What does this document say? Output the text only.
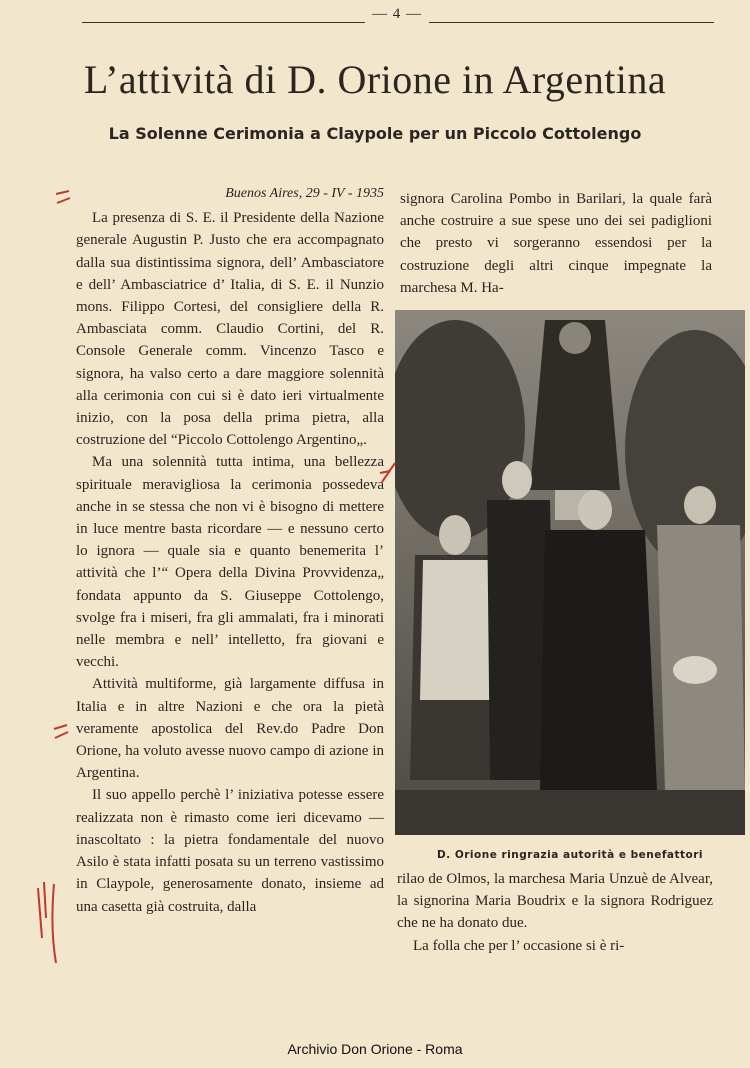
— 4 —
L’attività di D. Orione in Argentina
La Solenne Cerimonia a Claypole per un Piccolo Cottolengo

Buenos Aires, 29 - IV - 1935

La presenza di S. E. il Presidente della Nazione generale Augustin P. Justo che era accompagnato dalla sua distintissima signora, dell’ Ambasciatore e dell’ Ambasciatrice d’ Italia, di S. E. il Nunzio mons. Filippo Cortesi, del consigliere della R. Ambasciata comm. Claudio Cortini, del R. Console Generale comm. Vincenzo Tasco e signora, ha valso certo a dare maggiore solennità alla cerimonia con cui si è dato ieri virtualmente inizio, con la posa della prima pietra, alla costruzione del “Piccolo Cottolengo Argentino„.

Ma una solennità tutta intima, una bellezza spirituale meravigliosa la cerimonia possedeva anche in se stessa che non vi è bisogno di mettere in luce mentre basta ricordare — e nessuno certo lo ignora — quale sia e quanto benemerita l’ attività che l’“ Opera della Divina Provvidenza„ fondata appunto da S. Giuseppe Cottolengo, svolge fra i miseri, fra gli ammalati, fra i minorati nelle membra e nell’ intelletto, fra giovani e vecchi.

Attività multiforme, già largamente diffusa in Italia e in altre Nazioni e che ora la pietà veramente apostolica del Rev.do Padre Don Orione, ha voluto avesse nuovo campo di azione in Argentina.

Il suo appello perchè l’ iniziativa potesse essere realizzata non è rimasto come ieri dicevamo — inascoltato : la pietra fondamentale del nuovo Asilo è stata infatti posata su un terreno vastissimo in Claypole, generosamente donato, insieme ad una casetta già costruita, dalla

signora Carolina Pombo in Barilari, la quale farà anche costruire a sue spese uno dei sei padiglioni che presto vi sorgeranno essendosi per la costruzione degli altri cinque impegnate la marchesa M. Ha-

D. Orione ringrazia autorità e benefattori

rilao de Olmos, la marchesa Maria Unzuè de Alvear, la signorina Maria Boudrix e la signora Rodriguez che ne ha donato due.

La folla che per l’ occasione si è ri-

Archivio Don Orione - Roma
